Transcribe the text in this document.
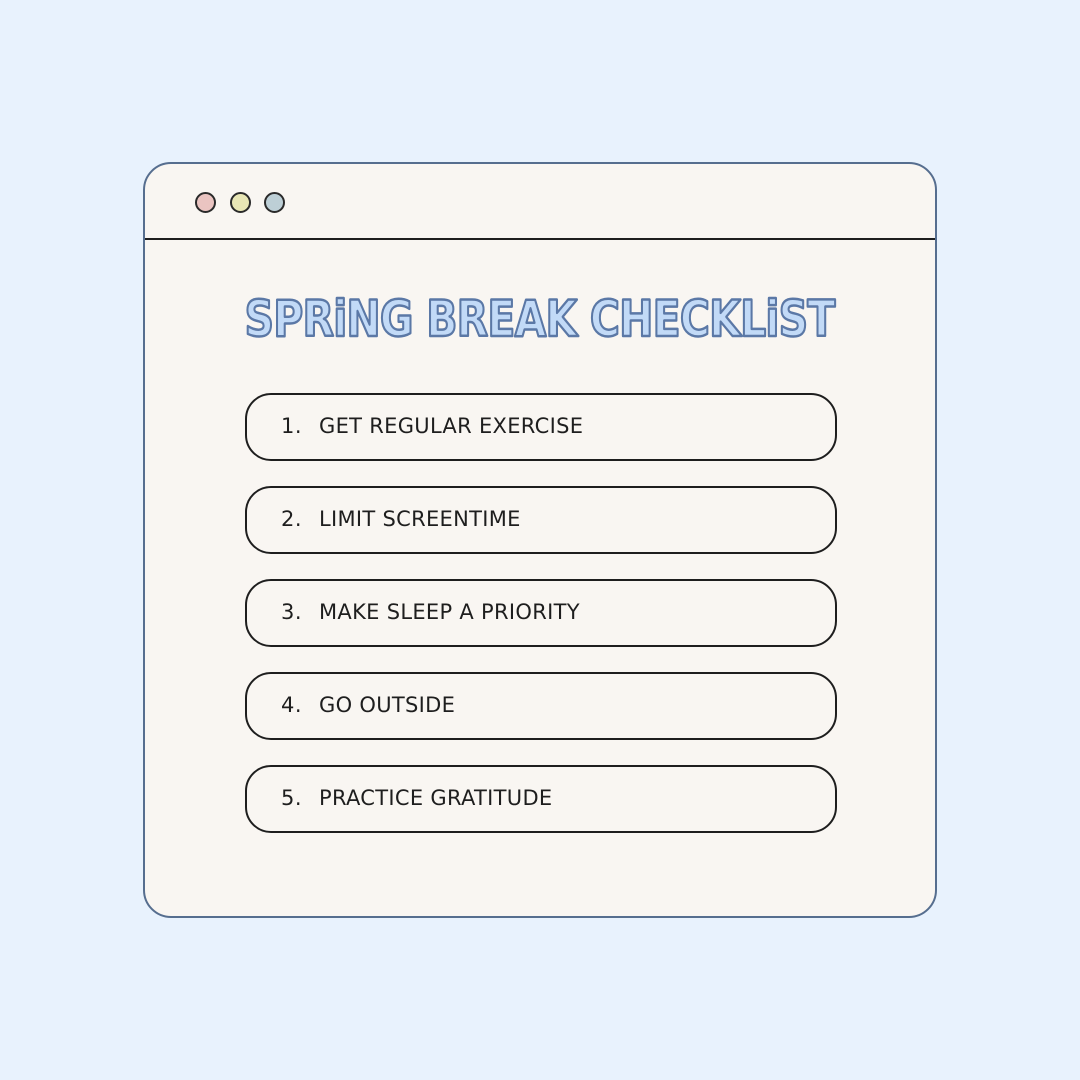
SPRiNG BREAK CHECKLiST
1. GET REGULAR EXERCISE
2. LIMIT SCREENTIME
3. MAKE SLEEP A PRIORITY
4. GO OUTSIDE
5. PRACTICE GRATITUDE
